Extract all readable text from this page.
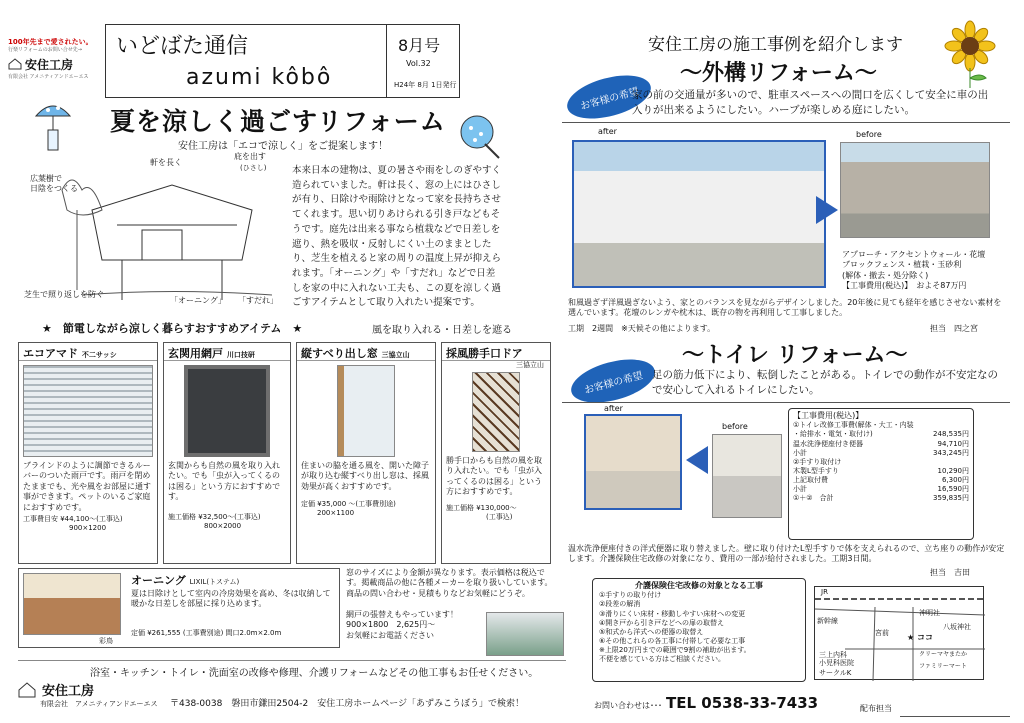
100年先まで愛されたい。
行楽リフォームのお問い合せ先→
安住工房
有限会社 アメニティアンドエーエス
いどばた通信
azumi kôbô
8月号
Vol.32
H24年 8月 1日発行
夏を涼しく過ごすリフォーム
安住工房は「エコで涼しく」をご提案します！
軒を長く
庇を出す
(ひさし)
広葉樹で
日陰をつくる
芝生で照り返しを防ぐ
「オーニング」 「すだれ」
本来日本の建物は、夏の暑さや雨をしのぎやすく造られていました。軒は長く、窓の上にはひさしが有り、日除けや雨除けとなって家を長持ちさせてくれます。思い切りあけられる引き戸などもそうです。庭先は出来る事なら植栽などで日差しを遮り、熱を吸収・反射しにくい土のままとしたり、芝生を植えると家の周りの温度上昇が抑えられます。「オーニング」や「すだれ」などで日差しを家の中に入れない工夫も、この夏を涼しく過ごすアイテムとして取り入れたい提案です。
★　節電しながら涼しく暮らすおすすめアイテム　★	風を取り入れる・日差しを遮る
エコアマド 不二サッシ
ブラインドのように調節できるルーバーのついた雨戸です。雨戸を閉めたままでも、光や風をお部屋に通す事ができます。ペットのいるご家庭におすすめです。
工事費目安 ¥44,100～(工事込)
900×1200
玄関用網戸 川口技研
玄関からも自然の風を取り入れたい。でも「虫が入ってくるのは困る」という方におすすめです。
施工価格 ¥32,500～(工事込)
800×2000
縦すべり出し窓 三協立山
住まいの脇を通る風を、開いた障子が取り込む縦すべり出し窓は、採風効果が高くおすすめです。
定価 ¥35,000 ～(工事費別途)
200×1100
採風勝手口ドア
三協立山
勝手口からも自然の風を取り入れたい。でも「虫が入ってくるのは困る」という方におすすめです。
施工価格 ¥130,000～
(工事込)
彩鳥
オーニング LIXIL(トステム)
夏は日除けとして室内の冷房効果を高め、冬は収納して暖かな日差しを部屋に採り込めます。
定価 ¥261,555 (工事費別途) 間口2.0m×2.0m
窓のサイズにより金額が異なります。表示価格は税込です。掲載商品の他に各種メーカーを取り扱いしています。商品の問い合わせ・見積もりなどお気軽にどうぞ。
網戸の張替えもやっています！
900×1800　2,625円～
お気軽にお電話ください
浴室・キッチン・トイレ・洗面室の改修や修理、介護リフォームなどその他工事もお任せください。
安住工房の施工事例を紹介します
～外構リフォーム～
お客様の希望
家の前の交通量が多いので、駐車スペースへの間口を広くして安全に車の出入りが出来るようにしたい。ハーブが楽しめる庭にしたい。
after	before
アプローチ・アクセントウォール・花壇
ブロックフェンス・植栽・玉砂利
(解体・撤去・処分除く)
【工事費用(税込)】　およそ87万円
和風過ぎず洋風過ぎないよう、家とのバランスを見ながらデザインしました。20年後に見ても経年を感じさせない素材を選んでいます。花壇のレンガや枕木は、既存の物を再利用して工事しました。
工期　2週間　※天候その他によります。	担当　四之宮
～トイレ リフォーム～
お客様の希望 足の筋力低下により、転倒したことがある。トイレでの動作が不安定なので安心して入れるトイレにしたい。
after
before
【工事費用(税込)】
①トイレ改修工事費(解体・大工・内装
・給排水・電気・取付け)	248,535円
温水洗浄便座付き便器	94,710円
小計	343,245円
②手すり取付け
木製L型手すり	10,290円
上記取付費	6,300円
小計	16,590円
①＋②　合計	359,835円
温水洗浄便座付きの洋式便器に取り替えました。壁に取り付けたL型手すりで体を支えられるので、立ち座りの動作が安定します。介護保険住宅改修の対象になり、費用の一部が給付されました。工期3日間。
担当　吉田
介護保険住宅改修の対象となる工事
①手すりの取り付け
②段差の解消
③滑りにくい床材・移動しやすい床材への変更
④開き戸から引き戸などへの扉の取替え
⑤和式から洋式への便器の取替え
⑥その他これらの各工事に付帯して必要な工事
※上限20万円までの範囲で9割の補助が出ます。
不便を感じている方はご相談ください。
JR
新幹線
神明社
八坂神社
宮前 ★ ココ
三上内科
小児科医院
サークルK
クリーマヤまたか
ファミリーマート
安住工房
有限会社　アメニティアンドエーエス 〒438-0038　磐田市鎌田2504-2　安住工房ホームページ「あずみこうぼう」で検索！	お問い合わせは･･･ TEL 0538-33-7433	配布担当
